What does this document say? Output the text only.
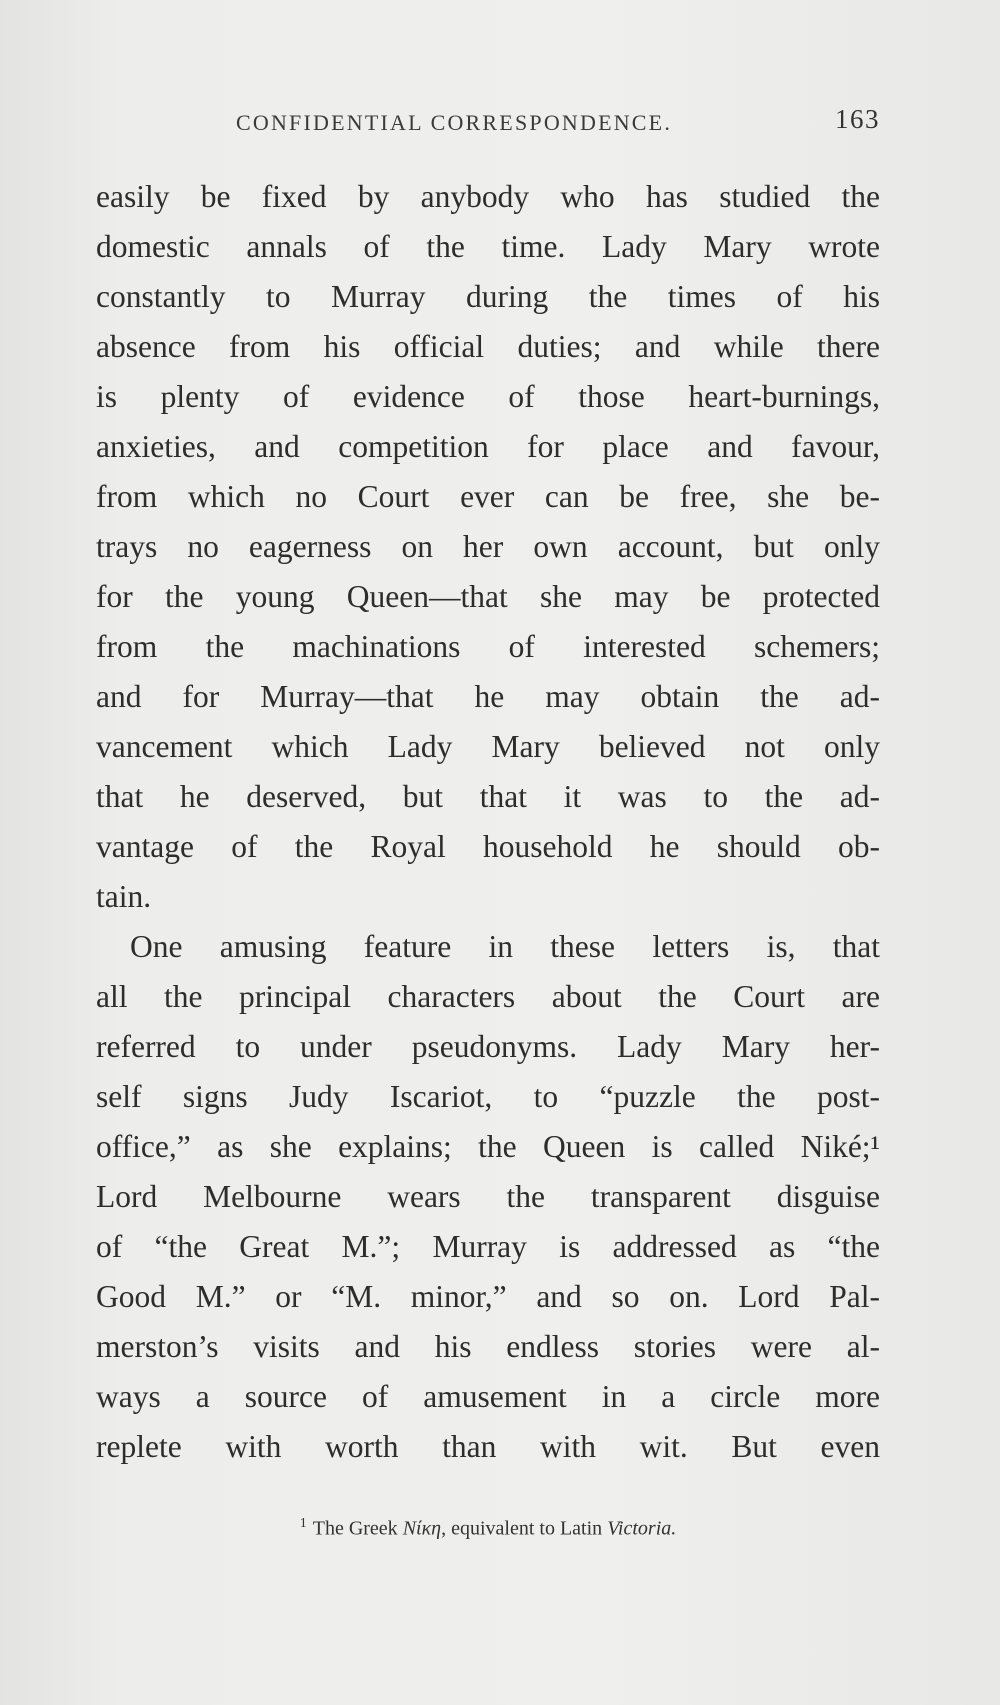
CONFIDENTIAL CORRESPONDENCE.	163
easily be fixed by anybody who has studied the
domestic annals of the time. Lady Mary wrote
constantly to Murray during the times of his
absence from his official duties; and while there
is plenty of evidence of those heart-burnings,
anxieties, and competition for place and favour,
from which no Court ever can be free, she be-
trays no eagerness on her own account, but only
for the young Queen—that she may be protected
from the machinations of interested schemers;
and for Murray—that he may obtain the ad-
vancement which Lady Mary believed not only
that he deserved, but that it was to the ad-
vantage of the Royal household he should ob-
tain.
One amusing feature in these letters is, that
all the principal characters about the Court are
referred to under pseudonyms. Lady Mary her-
self signs Judy Iscariot, to “puzzle the post-
office,” as she explains; the Queen is called Niké;¹
Lord Melbourne wears the transparent disguise
of “the Great M.”; Murray is addressed as “the
Good M.” or “M. minor,” and so on. Lord Pal-
merston’s visits and his endless stories were al-
ways a source of amusement in a circle more
replete with worth than with wit. But even
$^1$ The Greek Νίκη, equivalent to Latin Victoria.
